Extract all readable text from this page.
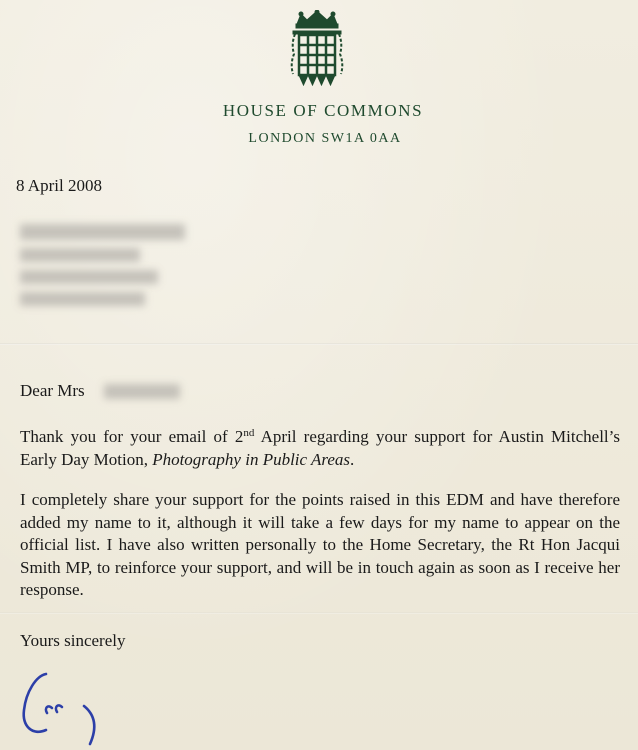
HOUSE OF COMMONS
LONDON SW1A 0AA
8 April 2008
Dear Mrs
Thank you for your email of 2nd April regarding your support for Austin Mitchell’s Early Day Motion, Photography in Public Areas.
I completely share your support for the points raised in this EDM and have therefore added my name to it, although it will take a few days for my name to appear on the official list. I have also written personally to the Home Secretary, the Rt Hon Jacqui Smith MP, to reinforce your support, and will be in touch again as soon as I receive her response.
Yours sincerely
